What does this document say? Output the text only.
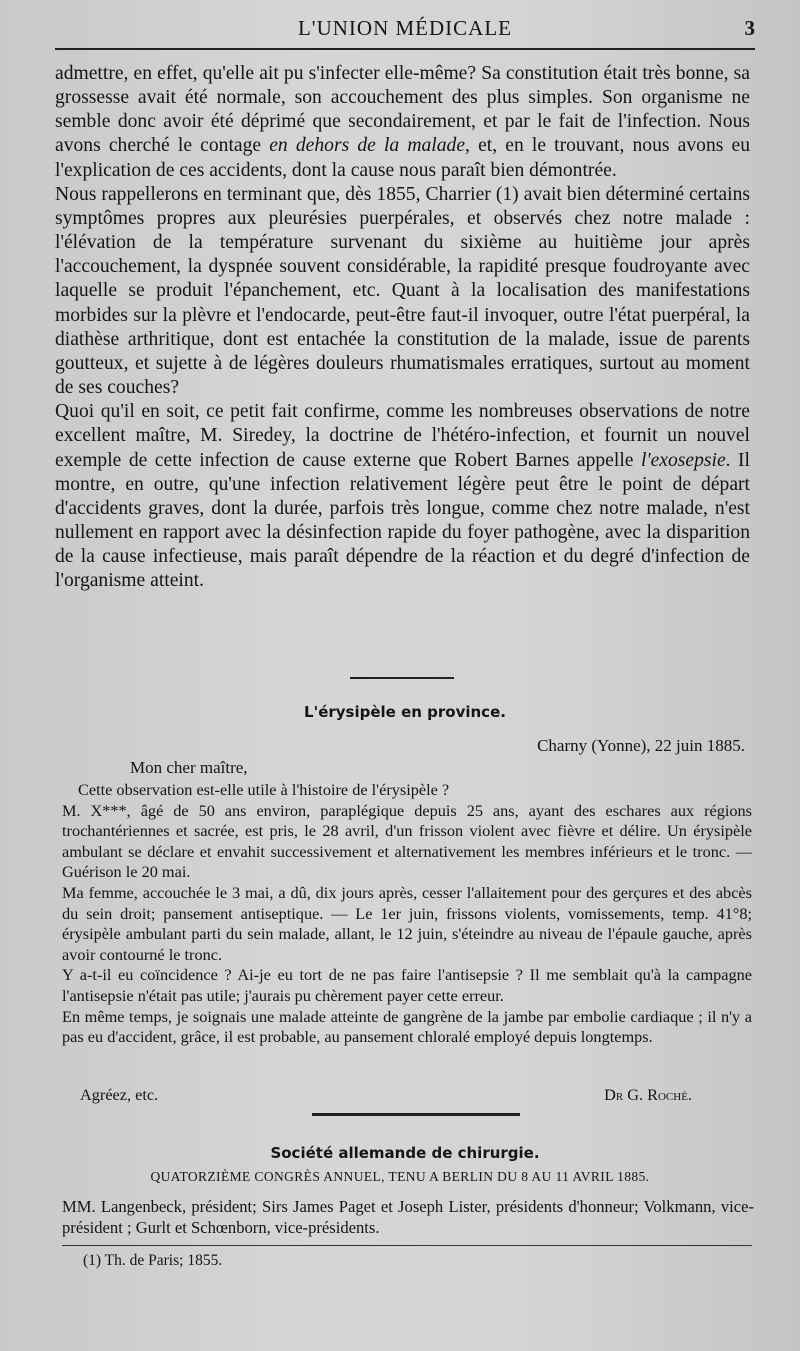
L'UNION MÉDICALE	3

admettre, en effet, qu'elle ait pu s'infecter elle-même? Sa constitution était très bonne, sa grossesse avait été normale, son accouchement des plus simples. Son organisme ne semble donc avoir été déprimé que secondairement, et par le fait de l'infection. Nous avons cherché le contage en dehors de la malade, et, en le trouvant, nous avons eu l'explication de ces accidents, dont la cause nous paraît bien démontrée.

Nous rappellerons en terminant que, dès 1855, Charrier (1) avait bien déterminé certains symptômes propres aux pleurésies puerpérales, et observés chez notre malade : l'élévation de la température survenant du sixième au huitième jour après l'accouchement, la dyspnée souvent considérable, la rapidité presque foudroyante avec laquelle se produit l'épanchement, etc. Quant à la localisation des manifestations morbides sur la plèvre et l'endocarde, peut-être faut-il invoquer, outre l'état puerpéral, la diathèse arthritique, dont est entachée la constitution de la malade, issue de parents goutteux, et sujette à de légères douleurs rhumatismales erratiques, surtout au moment de ses couches?

Quoi qu'il en soit, ce petit fait confirme, comme les nombreuses observations de notre excellent maître, M. Siredey, la doctrine de l'hétéro-infection, et fournit un nouvel exemple de cette infection de cause externe que Robert Barnes appelle l'exosepsie. Il montre, en outre, qu'une infection relativement légère peut être le point de départ d'accidents graves, dont la durée, parfois très longue, comme chez notre malade, n'est nullement en rapport avec la désinfection rapide du foyer pathogène, avec la disparition de la cause infectieuse, mais paraît dépendre de la réaction et du degré d'infection de l'organisme atteint.

L'érysipèle en province.
Charny (Yonne), 22 juin 1885.
Mon cher maître,

Cette observation est-elle utile à l'histoire de l'érysipèle ?

M. X***, âgé de 50 ans environ, paraplégique depuis 25 ans, ayant des eschares aux régions trochantériennes et sacrée, est pris, le 28 avril, d'un frisson violent avec fièvre et délire. Un érysipèle ambulant se déclare et envahit successivement et alternativement les membres inférieurs et le tronc. — Guérison le 20 mai.

Ma femme, accouchée le 3 mai, a dû, dix jours après, cesser l'allaitement pour des gerçures et des abcès du sein droit; pansement antiseptique. — Le 1er juin, frissons violents, vomissements, temp. 41°8; érysipèle ambulant parti du sein malade, allant, le 12 juin, s'éteindre au niveau de l'épaule gauche, après avoir contourné le tronc.

Y a-t-il eu coïncidence ? Ai-je eu tort de ne pas faire l'antisepsie ? Il me semblait qu'à la campagne l'antisepsie n'était pas utile; j'aurais pu chèrement payer cette erreur.

En même temps, je soignais une malade atteinte de gangrène de la jambe par embolie cardiaque ; il n'y a pas eu d'accident, grâce, il est probable, au pansement chloralé employé depuis longtemps.

Agréez, etc.	Dr G. Roché.
Société allemande de chirurgie.
QUATORZIÈME CONGRÈS ANNUEL, TENU A BERLIN DU 8 AU 11 AVRIL 1885.

MM. Langenbeck, président; Sirs James Paget et Joseph Lister, présidents d'honneur; Volkmann, vice-président ; Gurlt et Schœnborn, vice-présidents.

(1) Th. de Paris; 1855.
